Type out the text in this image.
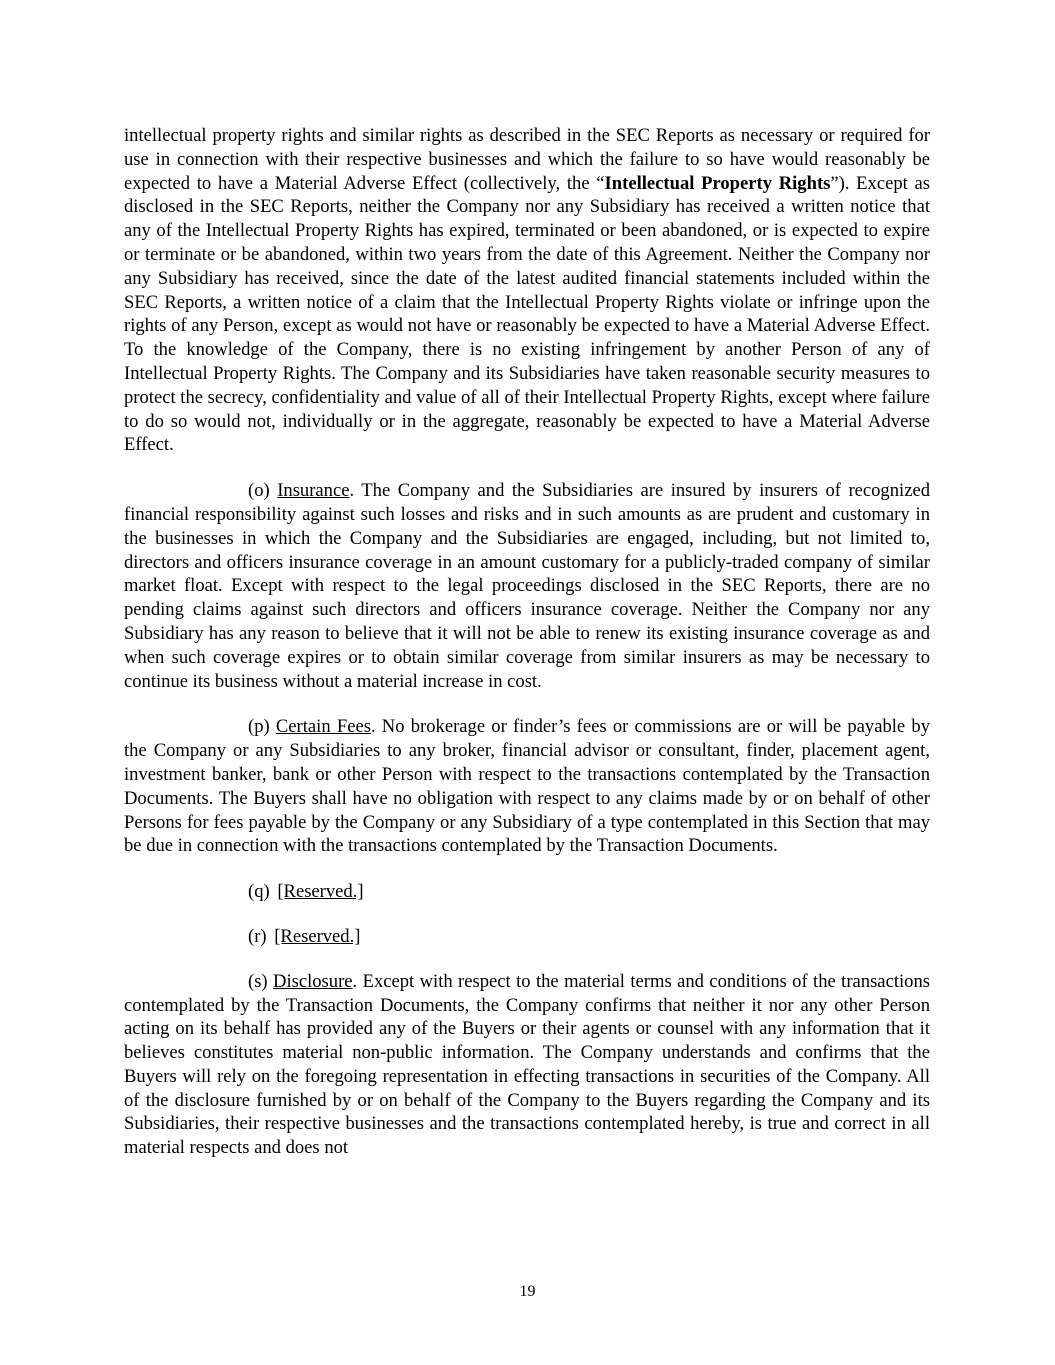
intellectual property rights and similar rights as described in the SEC Reports as necessary or required for use in connection with their respective businesses and which the failure to so have would reasonably be expected to have a Material Adverse Effect (collectively, the “Intellectual Property Rights”). Except as disclosed in the SEC Reports, neither the Company nor any Subsidiary has received a written notice that any of the Intellectual Property Rights has expired, terminated or been abandoned, or is expected to expire or terminate or be abandoned, within two years from the date of this Agreement. Neither the Company nor any Subsidiary has received, since the date of the latest audited financial statements included within the SEC Reports, a written notice of a claim that the Intellectual Property Rights violate or infringe upon the rights of any Person, except as would not have or reasonably be expected to have a Material Adverse Effect. To the knowledge of the Company, there is no existing infringement by another Person of any of Intellectual Property Rights. The Company and its Subsidiaries have taken reasonable security measures to protect the secrecy, confidentiality and value of all of their Intellectual Property Rights, except where failure to do so would not, individually or in the aggregate, reasonably be expected to have a Material Adverse Effect.

(o) Insurance. The Company and the Subsidiaries are insured by insurers of recognized financial responsibility against such losses and risks and in such amounts as are prudent and customary in the businesses in which the Company and the Subsidiaries are engaged, including, but not limited to, directors and officers insurance coverage in an amount customary for a publicly-traded company of similar market float. Except with respect to the legal proceedings disclosed in the SEC Reports, there are no pending claims against such directors and officers insurance coverage. Neither the Company nor any Subsidiary has any reason to believe that it will not be able to renew its existing insurance coverage as and when such coverage expires or to obtain similar coverage from similar insurers as may be necessary to continue its business without a material increase in cost.

(p) Certain Fees. No brokerage or finder’s fees or commissions are or will be payable by the Company or any Subsidiaries to any broker, financial advisor or consultant, finder, placement agent, investment banker, bank or other Person with respect to the transactions contemplated by the Transaction Documents. The Buyers shall have no obligation with respect to any claims made by or on behalf of other Persons for fees payable by the Company or any Subsidiary of a type contemplated in this Section that may be due in connection with the transactions contemplated by the Transaction Documents.

(q) [Reserved.]

(r) [Reserved.]

(s) Disclosure. Except with respect to the material terms and conditions of the transactions contemplated by the Transaction Documents, the Company confirms that neither it nor any other Person acting on its behalf has provided any of the Buyers or their agents or counsel with any information that it believes constitutes material non-public information. The Company understands and confirms that the Buyers will rely on the foregoing representation in effecting transactions in securities of the Company. All of the disclosure furnished by or on behalf of the Company to the Buyers regarding the Company and its Subsidiaries, their respective businesses and the transactions contemplated hereby, is true and correct in all material respects and does not

19
